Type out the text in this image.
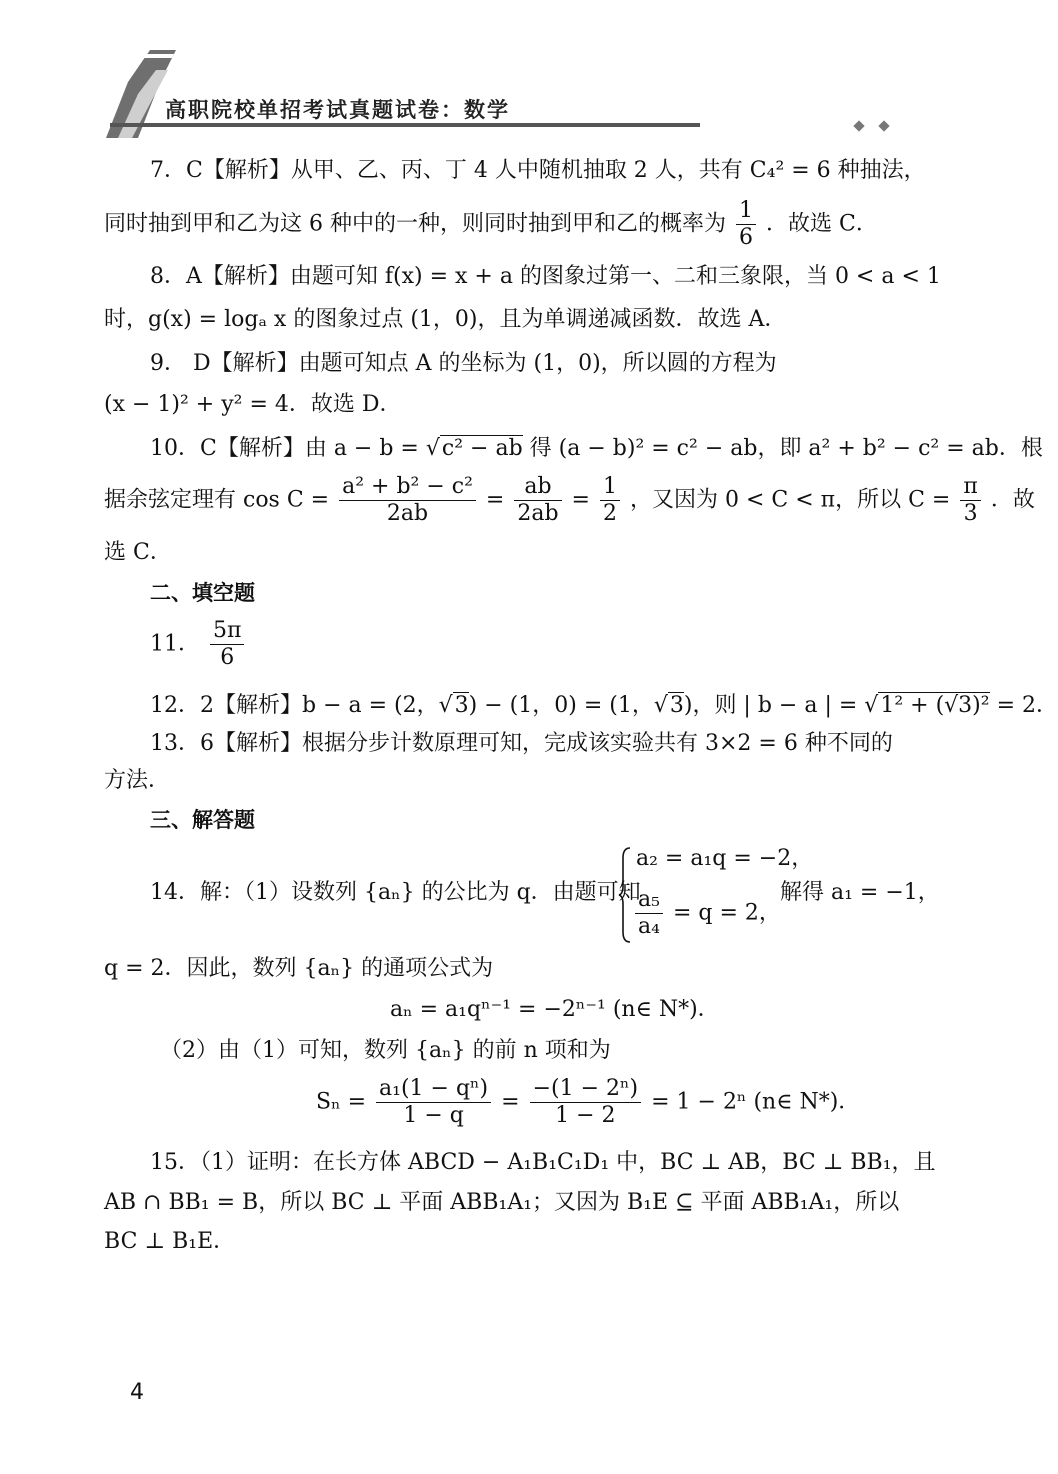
高职院校单招考试真题试卷：数学
7．C【解析】从甲、乙、丙、丁 4 人中随机抽取 2 人，共有 C₄² = 6 种抽法，
同时抽到甲和乙为这 6 种中的一种，则同时抽到甲和乙的概率为 $\frac{1}{6}$ ．故选 C．
8．A【解析】由题可知 f(x) = x + a 的图象过第一、二和三象限，当 0 < a < 1
时，g(x) = logₐ x 的图象过点 (1，0)，且为单调递减函数．故选 A．
9． D【解析】由题可知点 A 的坐标为 (1，0)，所以圆的方程为
(x − 1)² + y² = 4．故选 D．
10．C【解析】由 a − b = √c² − ab 得 (a − b)² = c² − ab，即 a² + b² − c² = ab．根
据余弦定理有 $\cos C = \frac{\text{a² + b² − c²}}{2ab} = \frac{ab}{2ab} = \frac{1}{2}$ ，又因为 0 < C < π，所以 $C = \frac{\pi}{3}$ ．故
选 C．
二、填空题
11． $\frac{5\pi}{6}$
12．2【解析】b − a = (2，√3) − (1，0) = (1，√3)，则 | b − a | = √1² + (√3)² = 2．
13．6【解析】根据分步计数原理可知，完成该实验共有 3×2 = 6 种不同的
方法．
三、解答题
14．解：（1）设数列 {aₙ} 的公比为 q．由题可知
a₂ = a₁q = −2，
$\frac{\text{a₅}}{\text{a₄}} = q = 2$，
解得 a₁ = −1，
q = 2．因此，数列 {aₙ} 的通项公式为
aₙ = a₁qⁿ⁻¹ = −2ⁿ⁻¹ (n∈ N*)．
（2）由（1）可知，数列 {aₙ} 的前 n 项和为
$S_n = \frac{\text{a₁(1 − qⁿ)}}{1 - q} = \frac{\text{−(1 − 2ⁿ)}}{1 - 2} = 1 - 2^n$ (n∈ N*)．
15．（1）证明：在长方体 ABCD − A₁B₁C₁D₁ 中，BC ⊥ AB，BC ⊥ BB₁，且
AB ∩ BB₁ = B，所以 BC ⊥ 平面 ABB₁A₁；又因为 B₁E ⊆ 平面 ABB₁A₁，所以
BC ⊥ B₁E．
4
